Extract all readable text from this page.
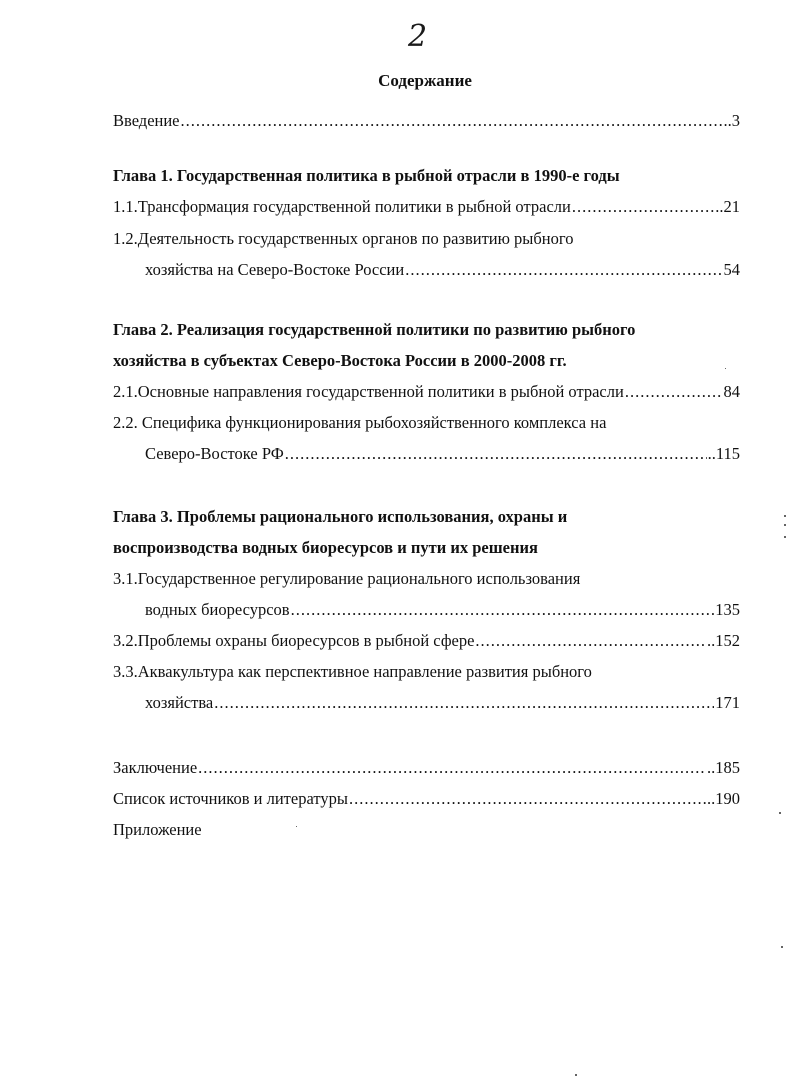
2
Содержание
Введение .....	..3
Глава 1. Государственная политика в рыбной отрасли в 1990-е годы
1.1.Трансформация государственной политики в рыбной отрасли .....	..21
1.2.Деятельность государственных органов по развитию рыбного
хозяйства на Северо-Востоке России .....	54
Глава 2. Реализация государственной политики по развитию рыбного
хозяйства в субъектах Северо-Востока России в 2000-2008 гг.
2.1.Основные направления государственной политики в рыбной отрасли .....	84
2.2. Специфика функционирования рыбохозяйственного комплекса на
Северо-Востоке РФ .....	..115
Глава 3. Проблемы рационального использования, охраны и
воспроизводства водных биоресурсов и пути их решения
3.1.Государственное регулирование рационального использования
водных биоресурсов .....	135
3.2.Проблемы охраны биоресурсов в рыбной сфере .....	..152
3.3.Аквакультура как перспективное направление развития рыбного
хозяйства .....	171
Заключение .....	..185
Список источников и литературы .....	..190
Приложение
